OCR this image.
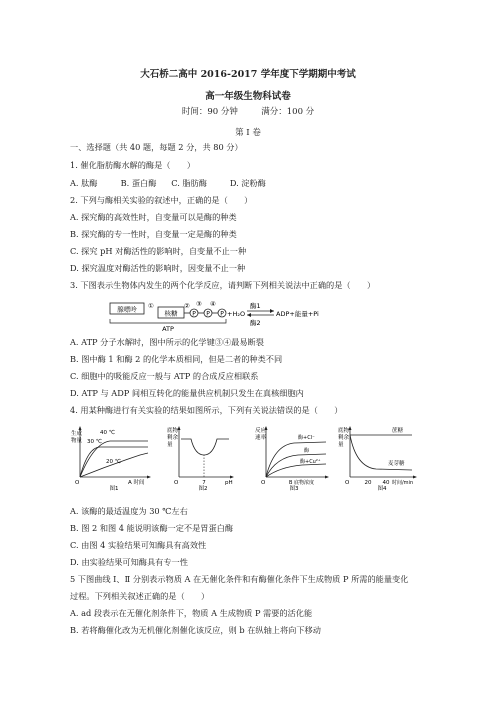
大石桥二高中 2016-2017 学年度下学期期中考试
高一年级生物科试卷
时间：90 分钟	满分：100 分
第 I 卷
一、选择题（共 40 题，每题 2 分，共 80 分）
1. 催化脂肪酶水解的酶是（　　）
A. 肽酶	B. 蛋白酶 C. 脂肪酶	D. 淀粉酶
2. 下列与酶相关实验的叙述中，正确的是（　　）
A. 探究酶的高效性时，自变量可以是酶的种类
B. 探究酶的专一性时，自变量一定是酶的种类
C. 探究 pH 对酶活性的影响时，自变量不止一种
D. 探究温度对酶活性的影响时，因变量不止一种
3. 下图表示生物体内发生的两个化学反应，请判断下列相关说法中正确的是（　　）
腺嘌呤 ①
核糖
②
P
③
P
④
P +H₂O
酶1
酶2
ADP+能量+Pi
ATP
A. ATP 分子水解时，图中所示的化学键③④最易断裂
B. 图中酶 1 和酶 2 的化学本质相同，但是二者的种类不同
C. 细胞中的吸能反应一般与 ATP 的合成反应相联系
D. ATP 与 ADP 间相互转化的能量供应机制只发生在真核细胞内
4. 用某种酶进行有关实验的结果如图所示，下列有关说法错误的是（　　）
生成
物量
O	A 时间
40 ℃
30 ℃
20 ℃
图1
底物
剩余
量
O	7	pH
图2
反应
速率
O	B 底物浓度
酶+Cl⁻
酶
酶+Cu²⁺
图3
底物
剩余
量
O	20 40 时间/min
蔗糖
麦芽糖
图4
A. 该酶的最适温度为 30 ℃左右
B. 图 2 和图 4 能说明该酶一定不是胃蛋白酶
C. 由图 4 实验结果可知酶具有高效性
D. 由实验结果可知酶具有专一性
5 下图曲线 Ⅰ、Ⅱ 分别表示物质 A 在无催化条件和有酶催化条件下生成物质 P 所需的能量变化
过程。下列相关叙述正确的是（　　）
A. ad 段表示在无催化剂条件下，物质 A 生成物质 P 需要的活化能
B. 若将酶催化改为无机催化剂催化该反应，则 b 在纵轴上将向下移动
